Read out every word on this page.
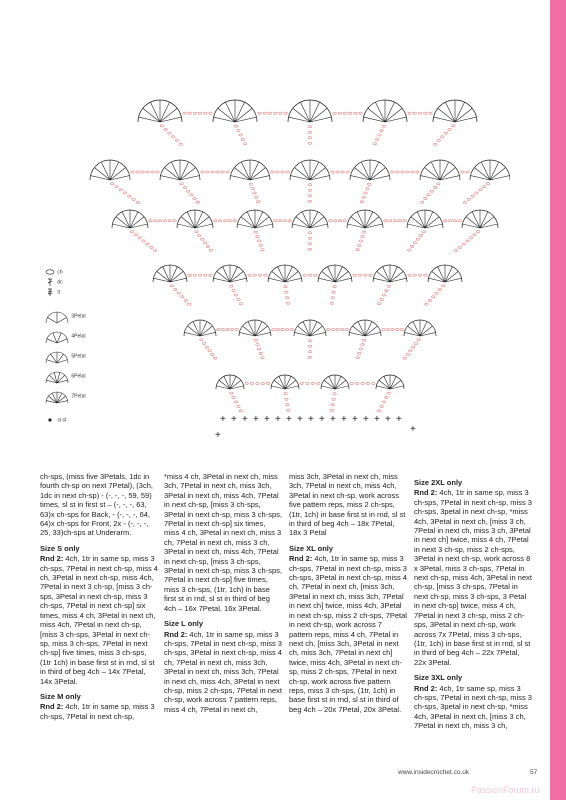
+ + + + + + + + + + + + + + + + +
+
+
ch
dc
tr
3Petal
4Petal
5Petal
6Petal
7Petal
sl st

ch-sps, (miss five 3Petals, 1dc in fourth ch-sp on next 7Petal), (3ch, 1dc in next ch-sp) - (-, -, -, 59, 59) times, sl st in first st – (-, -, -, 63, 63)x ch-sps for Back, - (-, -, -, 64, 64)x ch-sps for Front, 2x - (-, -, -, 25, 33)ch-sps at Underarm.

Size S only

Rnd 2: 4ch, 1tr in same sp, miss 3 ch-sps, 7Petal in next ch-sp, miss 4 ch, 3Petal in next ch-sp, miss 4ch, 7Petal in next 3 ch-sp, [miss 3 ch-sps, 3Petal in next ch-sp, miss 3 ch-sps, 7Petal in next ch-sp] six times, miss 4 ch, 3Petal in next ch, miss 4ch, 7Petal in next ch-sp, [miss 3 ch-sps, 3Petal in next ch-sp, miss 3 ch-sps, 7Petal in next ch-sp] five times, miss 3 ch-sps, (1tr 1ch) in base first st in rnd, sl st in third of beg 4ch – 14x 7Petal, 14x 3Petal.

Size M only

Rnd 2: 4ch, 1tr in same sp, miss 3 ch-sps, 7Petal in next ch-sp,

*miss 4 ch, 3Petal in next ch, miss 3ch, 7Petal in next ch, miss 3ch, 3Petal in next ch, miss 4ch, 7Petal in next ch-sp, [miss 3 ch-sps, 3Petal in next ch-sp, miss 3 ch-sps, 7Petal in next ch-sp] six times, miss 4 ch, 3Petal in next ch, miss 3 ch, 7Petal in next ch, miss 3 ch, 3Petal in next ch, miss 4ch, 7Petal in next ch-sp, [miss 3 ch-sps, 3Petal in next ch-sp, miss 3 ch-sps, 7Petal in next ch-sp] five times, miss 3 ch-sps, (1tr, 1ch) in base first st in rnd, sl st in third of beg 4ch – 16x 7Petal, 16x 3Petal.

Size L only

Rnd 2: 4ch, 1tr in same sp, miss 3 ch-sps, 7Petal in next ch-sp, miss 3 ch-sps, 3Petal in next ch-sp, miss 4 ch, 7Petal in next ch, miss 3ch, 3Petal in next ch, miss 3ch, 7Petal in next ch, miss 4ch, 3Petal in next ch-sp, miss 2 ch-sps, 7Petal in next ch-sp, work across 7 pattern reps, miss 4 ch, 7Petal in next ch,

miss 3ch, 3Petal in next ch, miss 3ch, 7Petal in next ch, miss 4ch, 3Petal in next ch-sp, work across five pattern reps, miss 2 ch-sps, (1tr, 1ch) in base first st in rnd, sl st in third of beg 4ch – 18x 7Petal, 18x 3 Petal

Size XL only

Rnd 2: 4ch, 1tr in same sp, miss 3 ch-sps, 7Petal in next ch-sp, miss 3 ch-sps, 3Petal in next ch-sp, miss 4 ch, 7Petal in next ch, [miss 3ch, 3Petal in next ch, miss 3ch, 7Petal in next ch] twice, miss 4ch, 3Petal in next ch-sp, miss 2 ch-sps, 7Petal in next ch-sp, work across 7 pattern reps, miss 4 ch, 7Petal in next ch, [miss 3ch, 3Petal in next ch, miss 3ch, 7Petal in next ch] twice, miss 4ch, 3Petal in next ch-sp, miss 2 ch-sps, 7Petal in next ch-sp, work across five pattern reps, miss 3 ch-sps, (1tr, 1ch) in base first st in rnd, sl st in third of beg 4ch – 20x 7Petal, 20x 3Petal.

Size 2XL only

Rnd 2: 4ch, 1tr in same sp, miss 3 ch-sps, 7Petal in next ch-sp, miss 3 ch-sps, 3petal in next ch-sp, *miss 4ch, 3Petal in next ch, [miss 3 ch, 7Petal in next ch, miss 3 ch, 3Petal in next ch] twice, miss 4 ch, 7Petal in next 3 ch-sp, miss 2 ch-sps, 3Petal in next ch-sp, work across 8 x 3Petal, miss 3 ch-sps, 7Petal in next ch-sp, miss 4ch, 3Petal in next ch-sp, [miss 3 ch-sps, 7Petal in next ch-sp, miss 3 ch-sps, 3 Petal in next ch-sp] twice, miss 4 ch, 7Petal in next 3 ch-sp, miss 2 ch-sps, 3Petal in next ch-sp, work across 7x 7Petal, miss 3 ch-sps, (1tr, 1ch) in base first st in rnd, sl st in third of beg 4ch – 22x 7Petal, 22x 3Petal.

Size 3XL only

Rnd 2: 4ch, 1tr same sp, miss 3 ch-sps, 7Petal in next ch-sp, miss 3 ch-sps, 3petal in next ch-sp, *miss 4ch, 3Petal in next ch, [miss 3 ch, 7Petal in next ch, miss 3 ch,

www.insidecrochet.co.uk	57
PassionForum.ru
